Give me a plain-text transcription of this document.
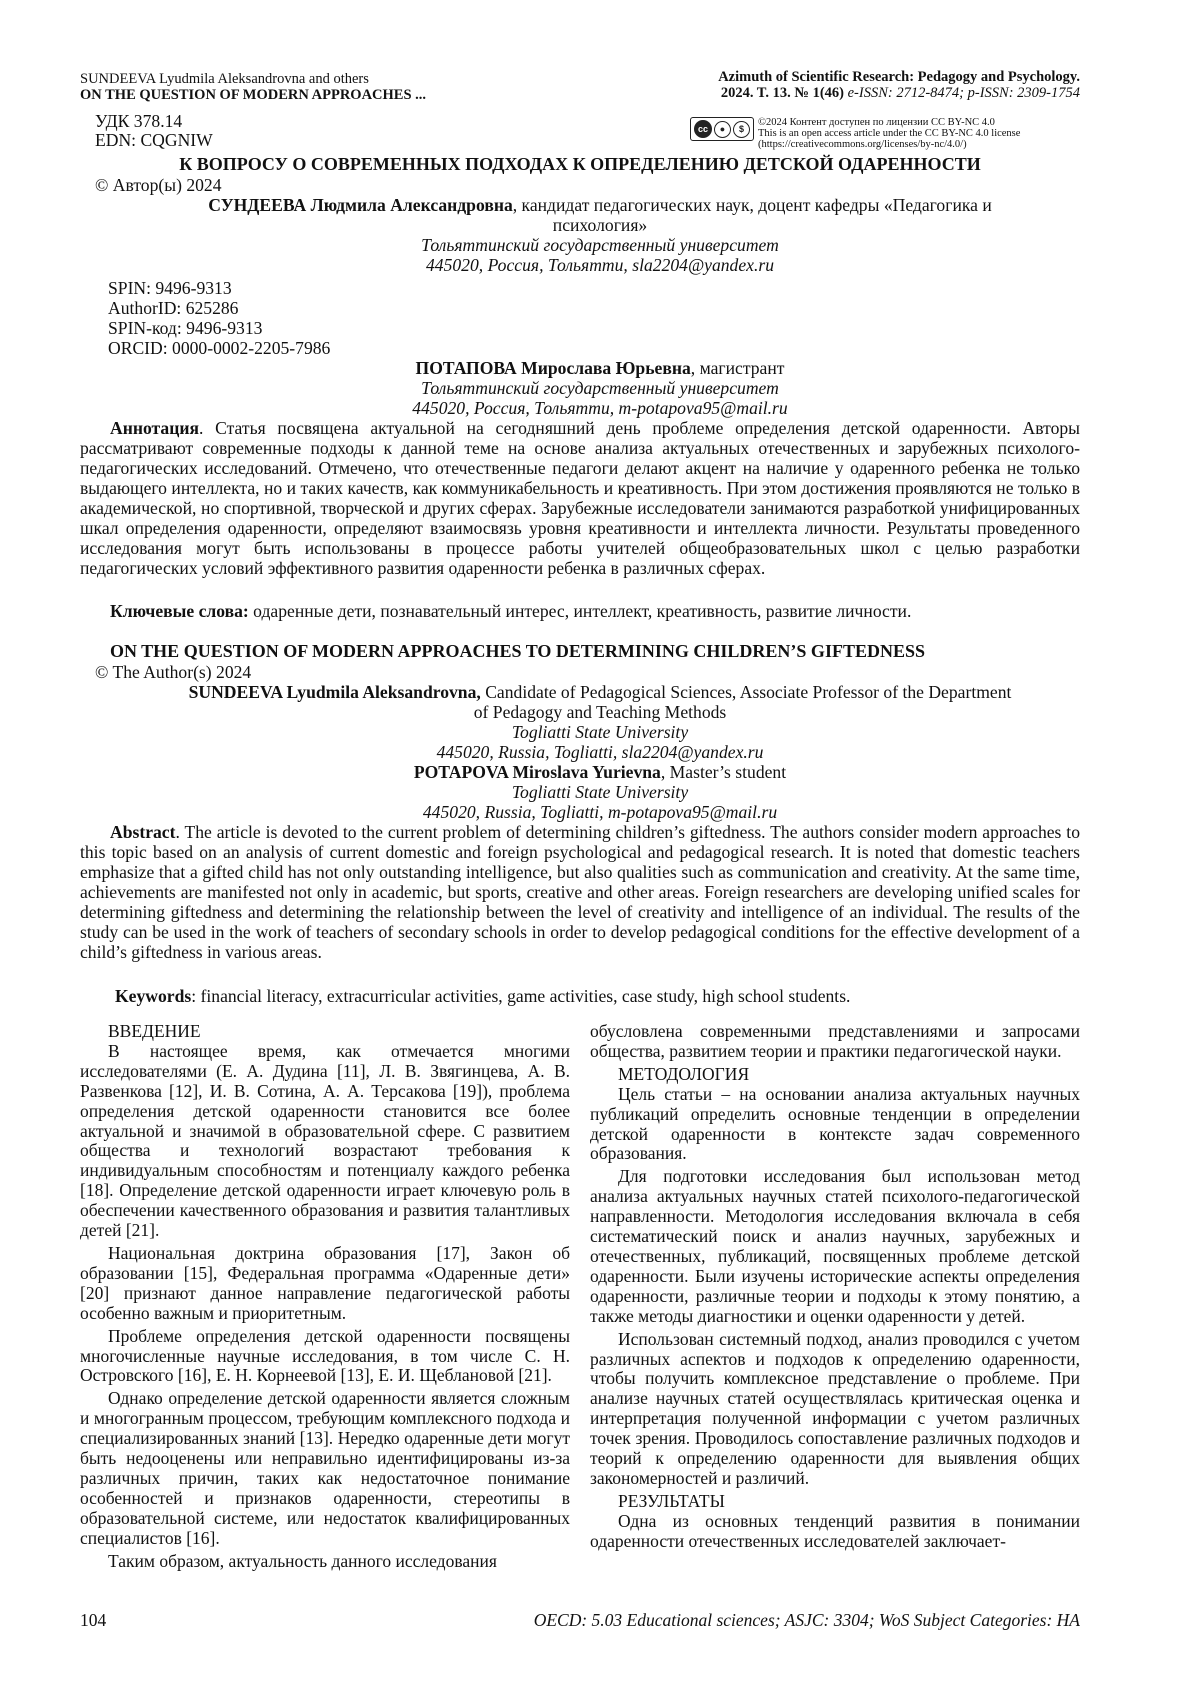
SUNDEEVA Lyudmila Aleksandrovna and others
ON THE QUESTION OF MODERN APPROACHES ...
Azimuth of Scientific Research: Pedagogy and Psychology.
2024. T. 13. № 1(46) e-ISSN: 2712-8474; p-ISSN: 2309-1754
УДК 378.14
EDN: CQGNIW
cc	●	$
©2024 Контент доступен по лицензии CC BY-NC 4.0
This is an open access article under the CC BY-NC 4.0 license
(https://creativecommons.org/licenses/by-nc/4.0/)
К ВОПРОСУ О СОВРЕМЕННЫХ ПОДХОДАХ К ОПРЕДЕЛЕНИЮ ДЕТСКОЙ ОДАРЕННОСТИ
© Автор(ы) 2024
СУНДЕЕВА Людмила Александровна, кандидат педагогических наук, доцент кафедры «Педагогика и
психология»
Тольяттинский государственный университет
445020, Россия, Тольятти, sla2204@yandex.ru
SPIN: 9496-9313
AuthorID: 625286
SPIN-код: 9496-9313
ORCID: 0000-0002-2205-7986
ПОТАПОВА Мирослава Юрьевна, магистрант
Тольяттинский государственный университет
445020, Россия, Тольятти, m-potapova95@mail.ru
Аннотация. Статья посвящена актуальной на сегодняшний день проблеме определения детской одаренности. Авторы рассматривают современные подходы к данной теме на основе анализа актуальных отечественных и зарубежных психолого-педагогических исследований. Отмечено, что отечественные педагоги делают акцент на наличие у одаренного ребенка не только выдающего интеллекта, но и таких качеств, как коммуникабельность и креативность. При этом достижения проявляются не только в академической, но спортивной, творческой и других сферах. Зарубежные исследователи занимаются разработкой унифицированных шкал определения одаренности, определяют взаимосвязь уровня креативности и интеллекта личности. Результаты проведенного исследования могут быть использованы в процессе работы учителей общеобразовательных школ с целью разработки педагогических условий эффективного развития одаренности ребенка в различных сферах.
Ключевые слова: одаренные дети, познавательный интерес, интеллект, креативность, развитие личности.
ON THE QUESTION OF MODERN APPROACHES TO DETERMINING CHILDREN’S GIFTEDNESS
© The Author(s) 2024
SUNDEEVA Lyudmila Aleksandrovna, Candidate of Pedagogical Sciences, Associate Professor of the Department
of Pedagogy and Teaching Methods
Togliatti State University
445020, Russia, Togliatti, sla2204@yandex.ru
POTAPOVA Miroslava Yurievna, Master’s student
Togliatti State University
445020, Russia, Togliatti, m-potapova95@mail.ru
Abstract. The article is devoted to the current problem of determining children’s giftedness. The authors consider modern approaches to this topic based on an analysis of current domestic and foreign psychological and pedagogical research. It is noted that domestic teachers emphasize that a gifted child has not only outstanding intelligence, but also qualities such as communication and creativity. At the same time, achievements are manifested not only in academic, but sports, creative and other areas. Foreign researchers are developing unified scales for determining giftedness and determining the relationship between the level of creativity and intelligence of an individual. The results of the study can be used in the work of teachers of secondary schools in order to develop pedagogical conditions for the effective development of a child’s giftedness in various areas.
Keywords: financial literacy, extracurricular activities, game activities, case study, high school students.
ВВЕДЕНИЕ

В настоящее время, как отмечается многими исследователями (Е. А. Дудина [11], Л. В. Звягинцева, А. В. Развенкова [12], И. В. Сотина, А. А. Терсакова [19]), проблема определения детской одаренности становится все более актуальной и значимой в образовательной сфере. С развитием общества и технологий возрастают требования к индивидуальным способностям и потенциалу каждого ребенка [18]. Определение детской одаренности играет ключевую роль в обеспечении качественного образования и развития талантливых детей [21].

Национальная доктрина образования [17], Закон об образовании [15], Федеральная программа «Одаренные дети» [20] признают данное направление педагогической работы особенно важным и приоритетным.

Проблеме определения детской одаренности посвящены многочисленные научные исследования, в том числе С. Н. Островского [16], Е. Н. Корнеевой [13], Е. И. Щеблановой [21].

Однако определение детской одаренности является сложным и многогранным процессом, требующим комплексного подхода и специализированных знаний [13]. Нередко одаренные дети могут быть недооценены или неправильно идентифицированы из-за различных причин, таких как недостаточное понимание особенностей и признаков одаренности, стереотипы в образовательной системе, или недостаток квалифицированных специалистов [16].

Таким образом, актуальность данного исследования

обусловлена современными представлениями и запросами общества, развитием теории и практики педагогической науки.

МЕТОДОЛОГИЯ

Цель статьи – на основании анализа актуальных научных публикаций определить основные тенденции в определении детской одаренности в контексте задач современного образования.

Для подготовки исследования был использован метод анализа актуальных научных статей психолого-педагогической направленности. Методология исследования включала в себя систематический поиск и анализ научных, зарубежных и отечественных, публикаций, посвященных проблеме детской одаренности. Были изучены исторические аспекты определения одаренности, различные теории и подходы к этому понятию, а также методы диагностики и оценки одаренности у детей.

Использован системный подход, анализ проводился с учетом различных аспектов и подходов к определению одаренности, чтобы получить комплексное представление о проблеме. При анализе научных статей осуществлялась критическая оценка и интерпретация полученной информации с учетом различных точек зрения. Проводилось сопоставление различных подходов и теорий к определению одаренности для выявления общих закономерностей и различий.

РЕЗУЛЬТАТЫ

Одна из основных тенденций развития в понимании одаренности отечественных исследователей заключает-

104	OECD: 5.03 Educational sciences; ASJC: 3304; WoS Subject Categories: HA
